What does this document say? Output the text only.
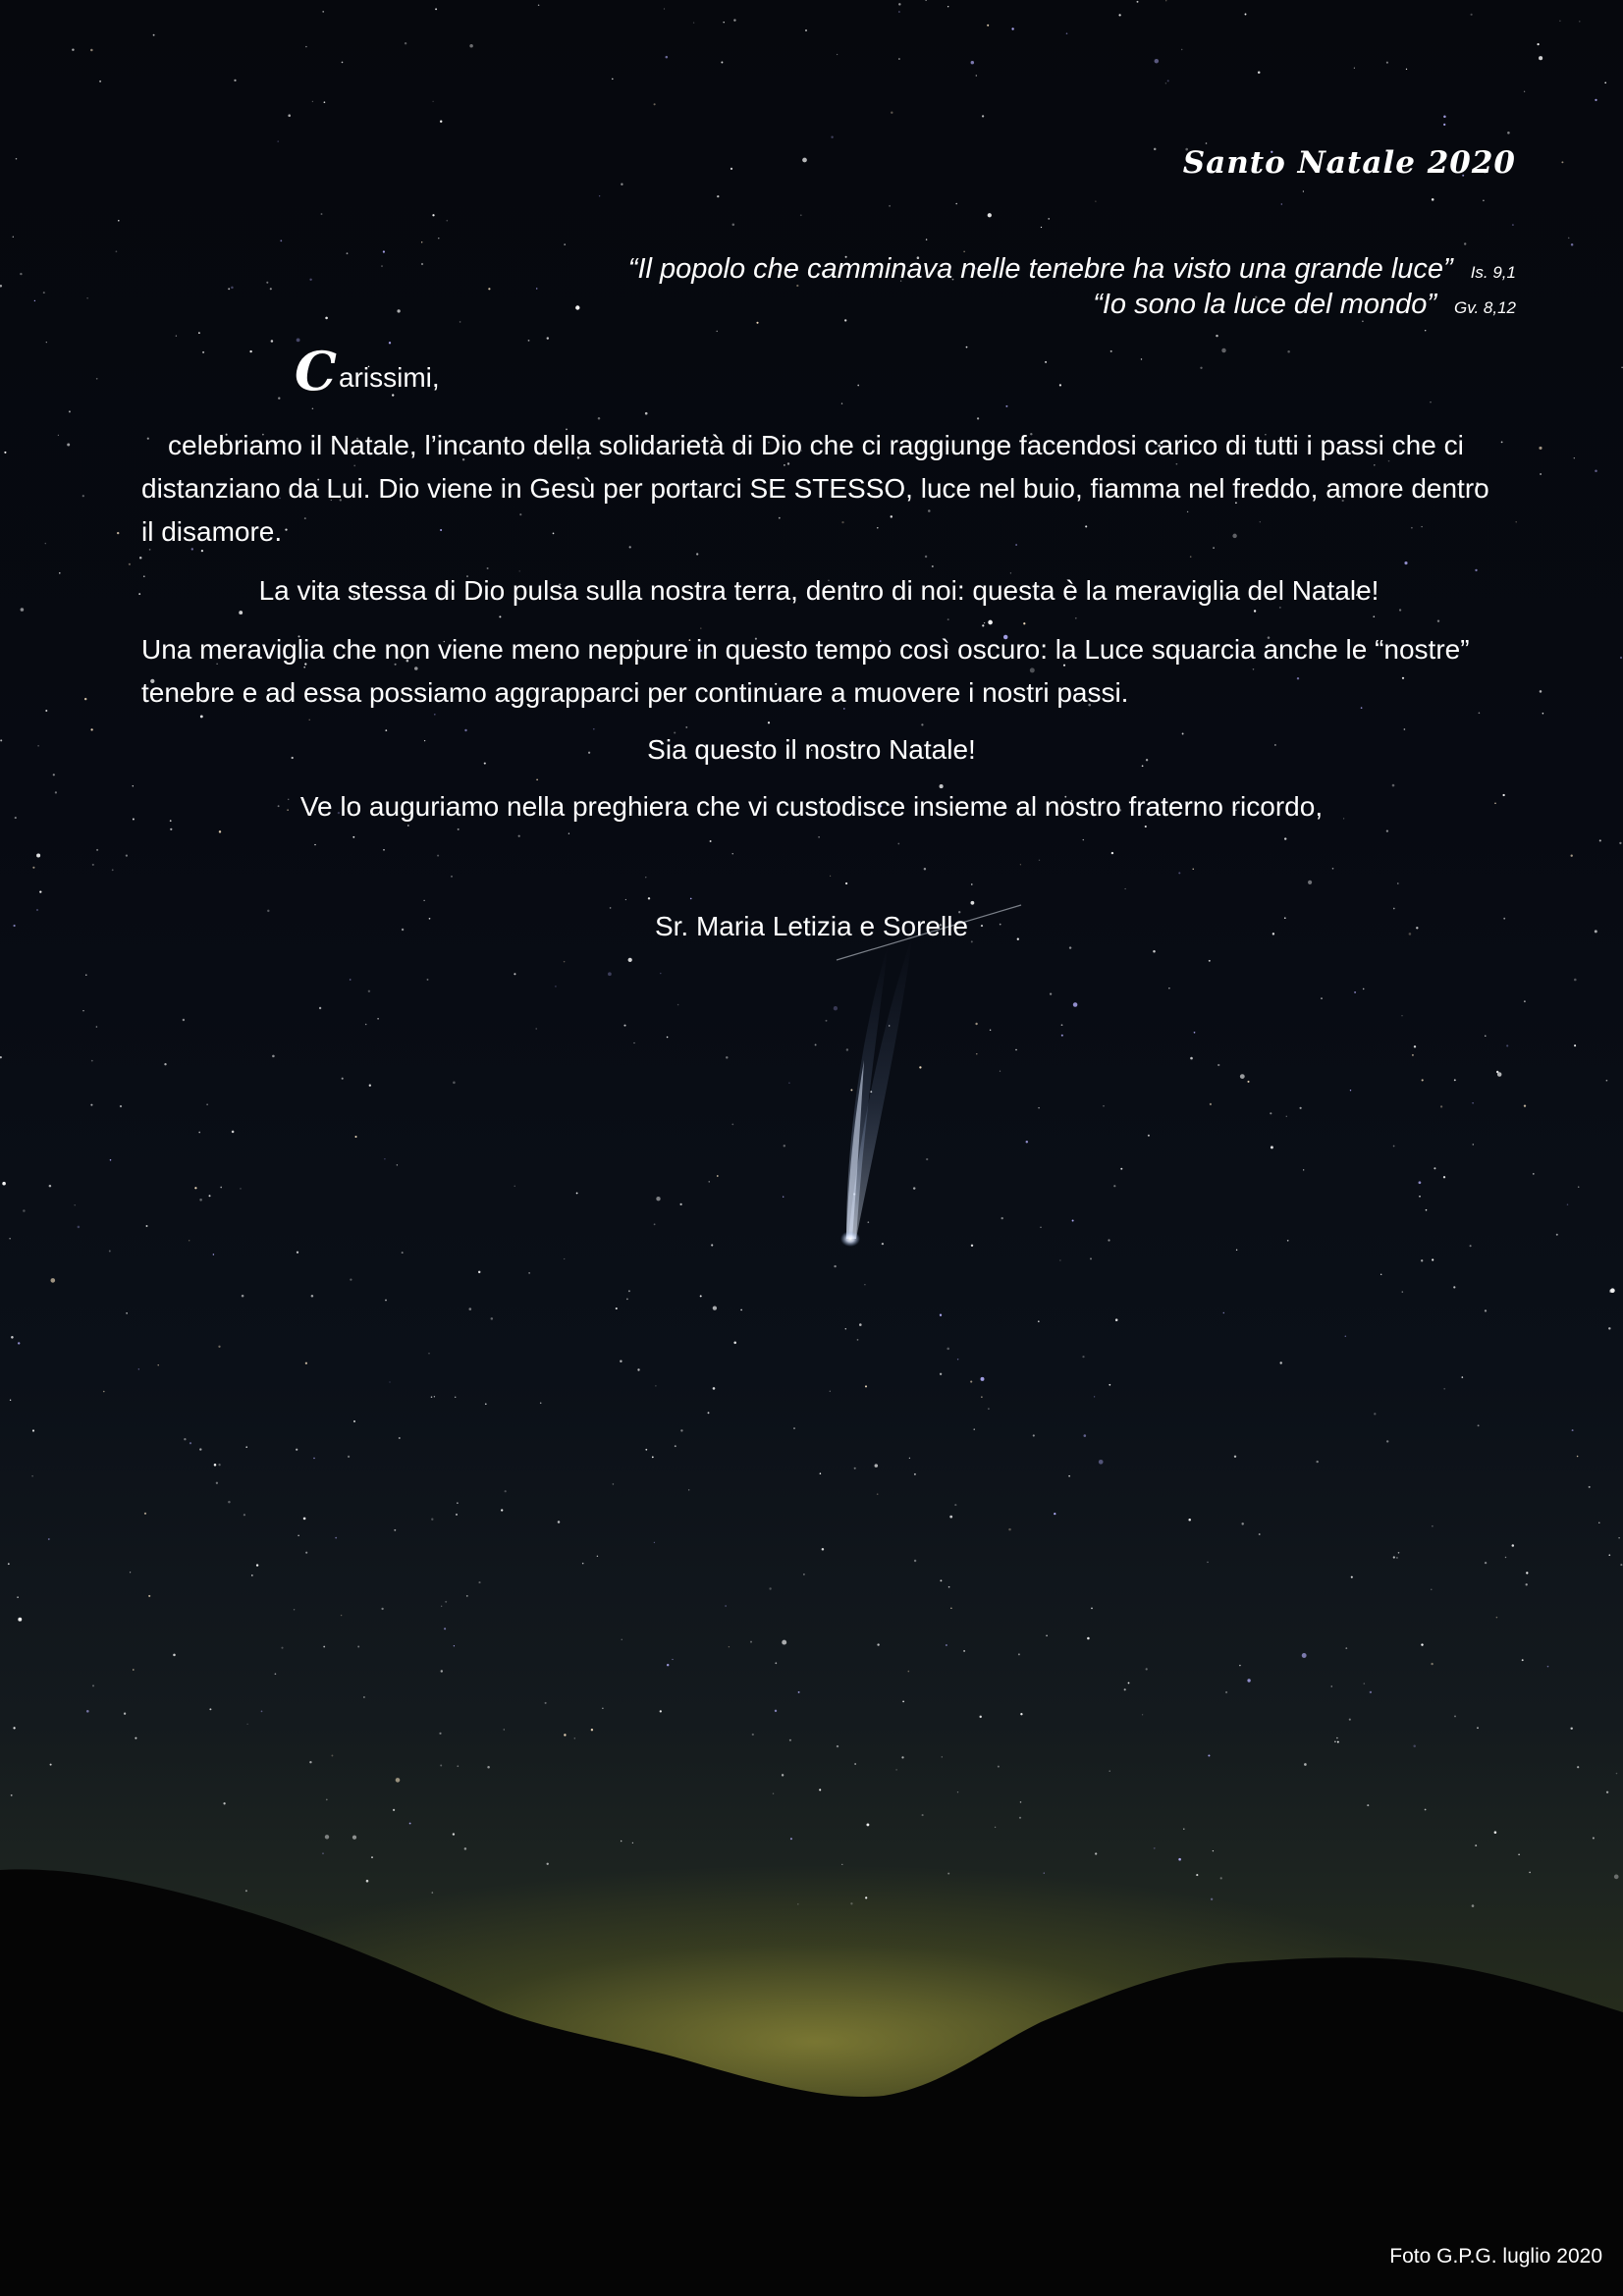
Santo Natale 2020
“Il popolo che camminava nelle tenebre ha visto una grande luce” Is. 9,1
“Io sono la luce del mondo” Gv. 8,12
Carissimi,
celebriamo il Natale, l’incanto della solidarietà di Dio che ci raggiunge facendosi carico di tutti i passi che ci distanziano da Lui. Dio viene in Gesù per portarci SE STESSO, luce nel buio, fiamma nel freddo, amore dentro il disamore.
La vita stessa di Dio pulsa sulla nostra terra, dentro di noi: questa è la meraviglia del Natale!
Una meraviglia che non viene meno neppure in questo tempo così oscuro: la Luce squarcia anche le “nostre” tenebre e ad essa possiamo aggrapparci per continuare a muovere i nostri passi.
Sia questo il nostro Natale!
Ve lo auguriamo nella preghiera che vi custodisce insieme al nostro fraterno ricordo,
Sr. Maria Letizia e Sorelle
Foto G.P.G. luglio 2020
